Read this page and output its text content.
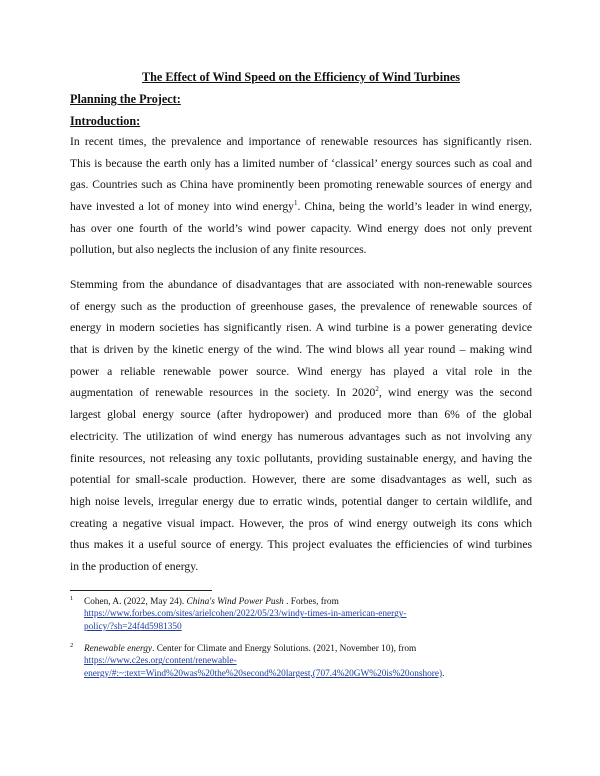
The Effect of Wind Speed on the Efficiency of Wind Turbines
Planning the Project:
Introduction:
In recent times, the prevalence and importance of renewable resources has significantly risen.
This is because the earth only has a limited number of ‘classical’ energy sources such as coal and
gas. Countries such as China have prominently been promoting renewable sources of energy and
have invested a lot of money into wind energy$^1$. China, being the world’s leader in wind energy,
has over one fourth of the world’s wind power capacity. Wind energy does not only prevent
pollution, but also neglects the inclusion of any finite resources.
Stemming from the abundance of disadvantages that are associated with non-renewable sources
of energy such as the production of greenhouse gases, the prevalence of renewable sources of
energy in modern societies has significantly risen. A wind turbine is a power generating device
that is driven by the kinetic energy of the wind. The wind blows all year round – making wind
power a reliable renewable power source. Wind energy has played a vital role in the
augmentation of renewable resources in the society. In 2020$^2$, wind energy was the second
largest global energy source (after hydropower) and produced more than 6% of the global
electricity. The utilization of wind energy has numerous advantages such as not involving any
finite resources, not releasing any toxic pollutants, providing sustainable energy, and having the
potential for small-scale production. However, there are some disadvantages as well, such as
high noise levels, irregular energy due to erratic winds, potential danger to certain wildlife, and
creating a negative visual impact. However, the pros of wind energy outweigh its cons which
thus makes it a useful source of energy. This project evaluates the efficiencies of wind turbines
in the production of energy.
1 Cohen, A. (2022, May 24). China's Wind Power Push . Forbes, from
https://www.forbes.com/sites/arielcohen/2022/05/23/windy-times-in-american-energy-
policy/?sh=24f4d5981350
2 Renewable energy. Center for Climate and Energy Solutions. (2021, November 10), from
https://www.c2es.org/content/renewable-
energy/#:~:text=Wind%20was%20the%20second%20largest,(707.4%20GW%20is%20onshore).
